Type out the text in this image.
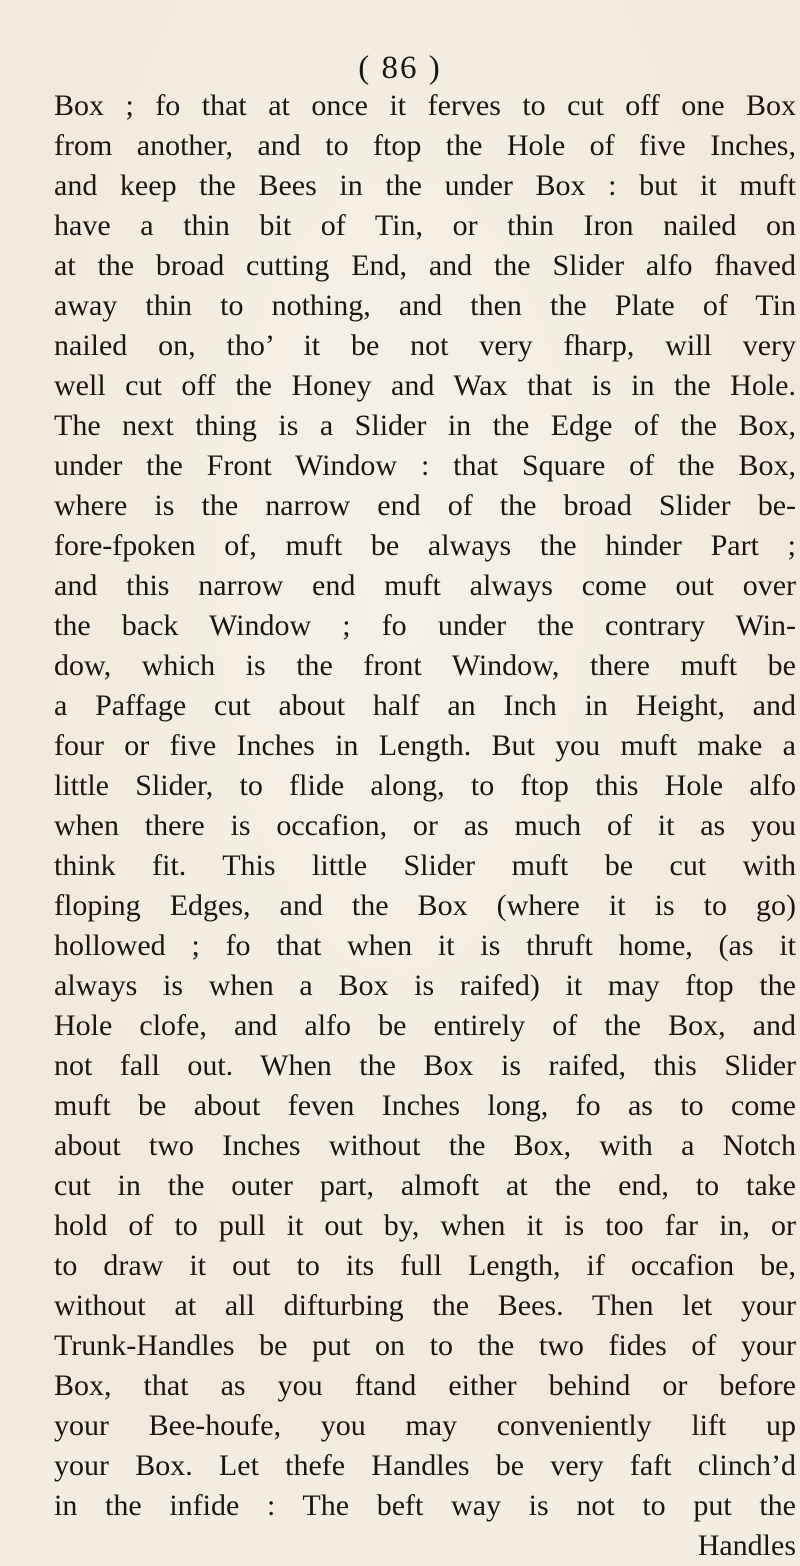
( 86 )
Box ; fo that at once it ferves to cut off one Box
from another, and to ftop the Hole of five Inches,
and keep the Bees in the under Box : but it muft
have a thin bit of Tin, or thin Iron nailed on
at the broad cutting End, and the Slider alfo fhaved
away thin to nothing, and then the Plate of Tin
nailed on, tho’ it be not very fharp, will very
well cut off the Honey and Wax that is in the Hole.
The next thing is a Slider in the Edge of the Box,
under the Front Window : that Square of the Box,
where is the narrow end of the broad Slider be-
fore-fpoken of, muft be always the hinder Part ;
and this narrow end muft always come out over
the back Window ; fo under the contrary Win-
dow, which is the front Window, there muft be
a Paffage cut about half an Inch in Height, and
four or five Inches in Length. But you muft make a
little Slider, to flide along, to ftop this Hole alfo
when there is occafion, or as much of it as you
think fit. This little Slider muft be cut with
floping Edges, and the Box (where it is to go)
hollowed ; fo that when it is thruft home, (as it
always is when a Box is raifed) it may ftop the
Hole clofe, and alfo be entirely of the Box, and
not fall out. When the Box is raifed, this Slider
muft be about feven Inches long, fo as to come
about two Inches without the Box, with a Notch
cut in the outer part, almoft at the end, to take
hold of to pull it out by, when it is too far in, or
to draw it out to its full Length, if occafion be,
without at all difturbing the Bees. Then let your
Trunk-Handles be put on to the two fides of your
Box, that as you ftand either behind or before
your Bee-houfe, you may conveniently lift up
your Box. Let thefe Handles be very faft clinch’d
in the infide : The beft way is not to put the
Handles
